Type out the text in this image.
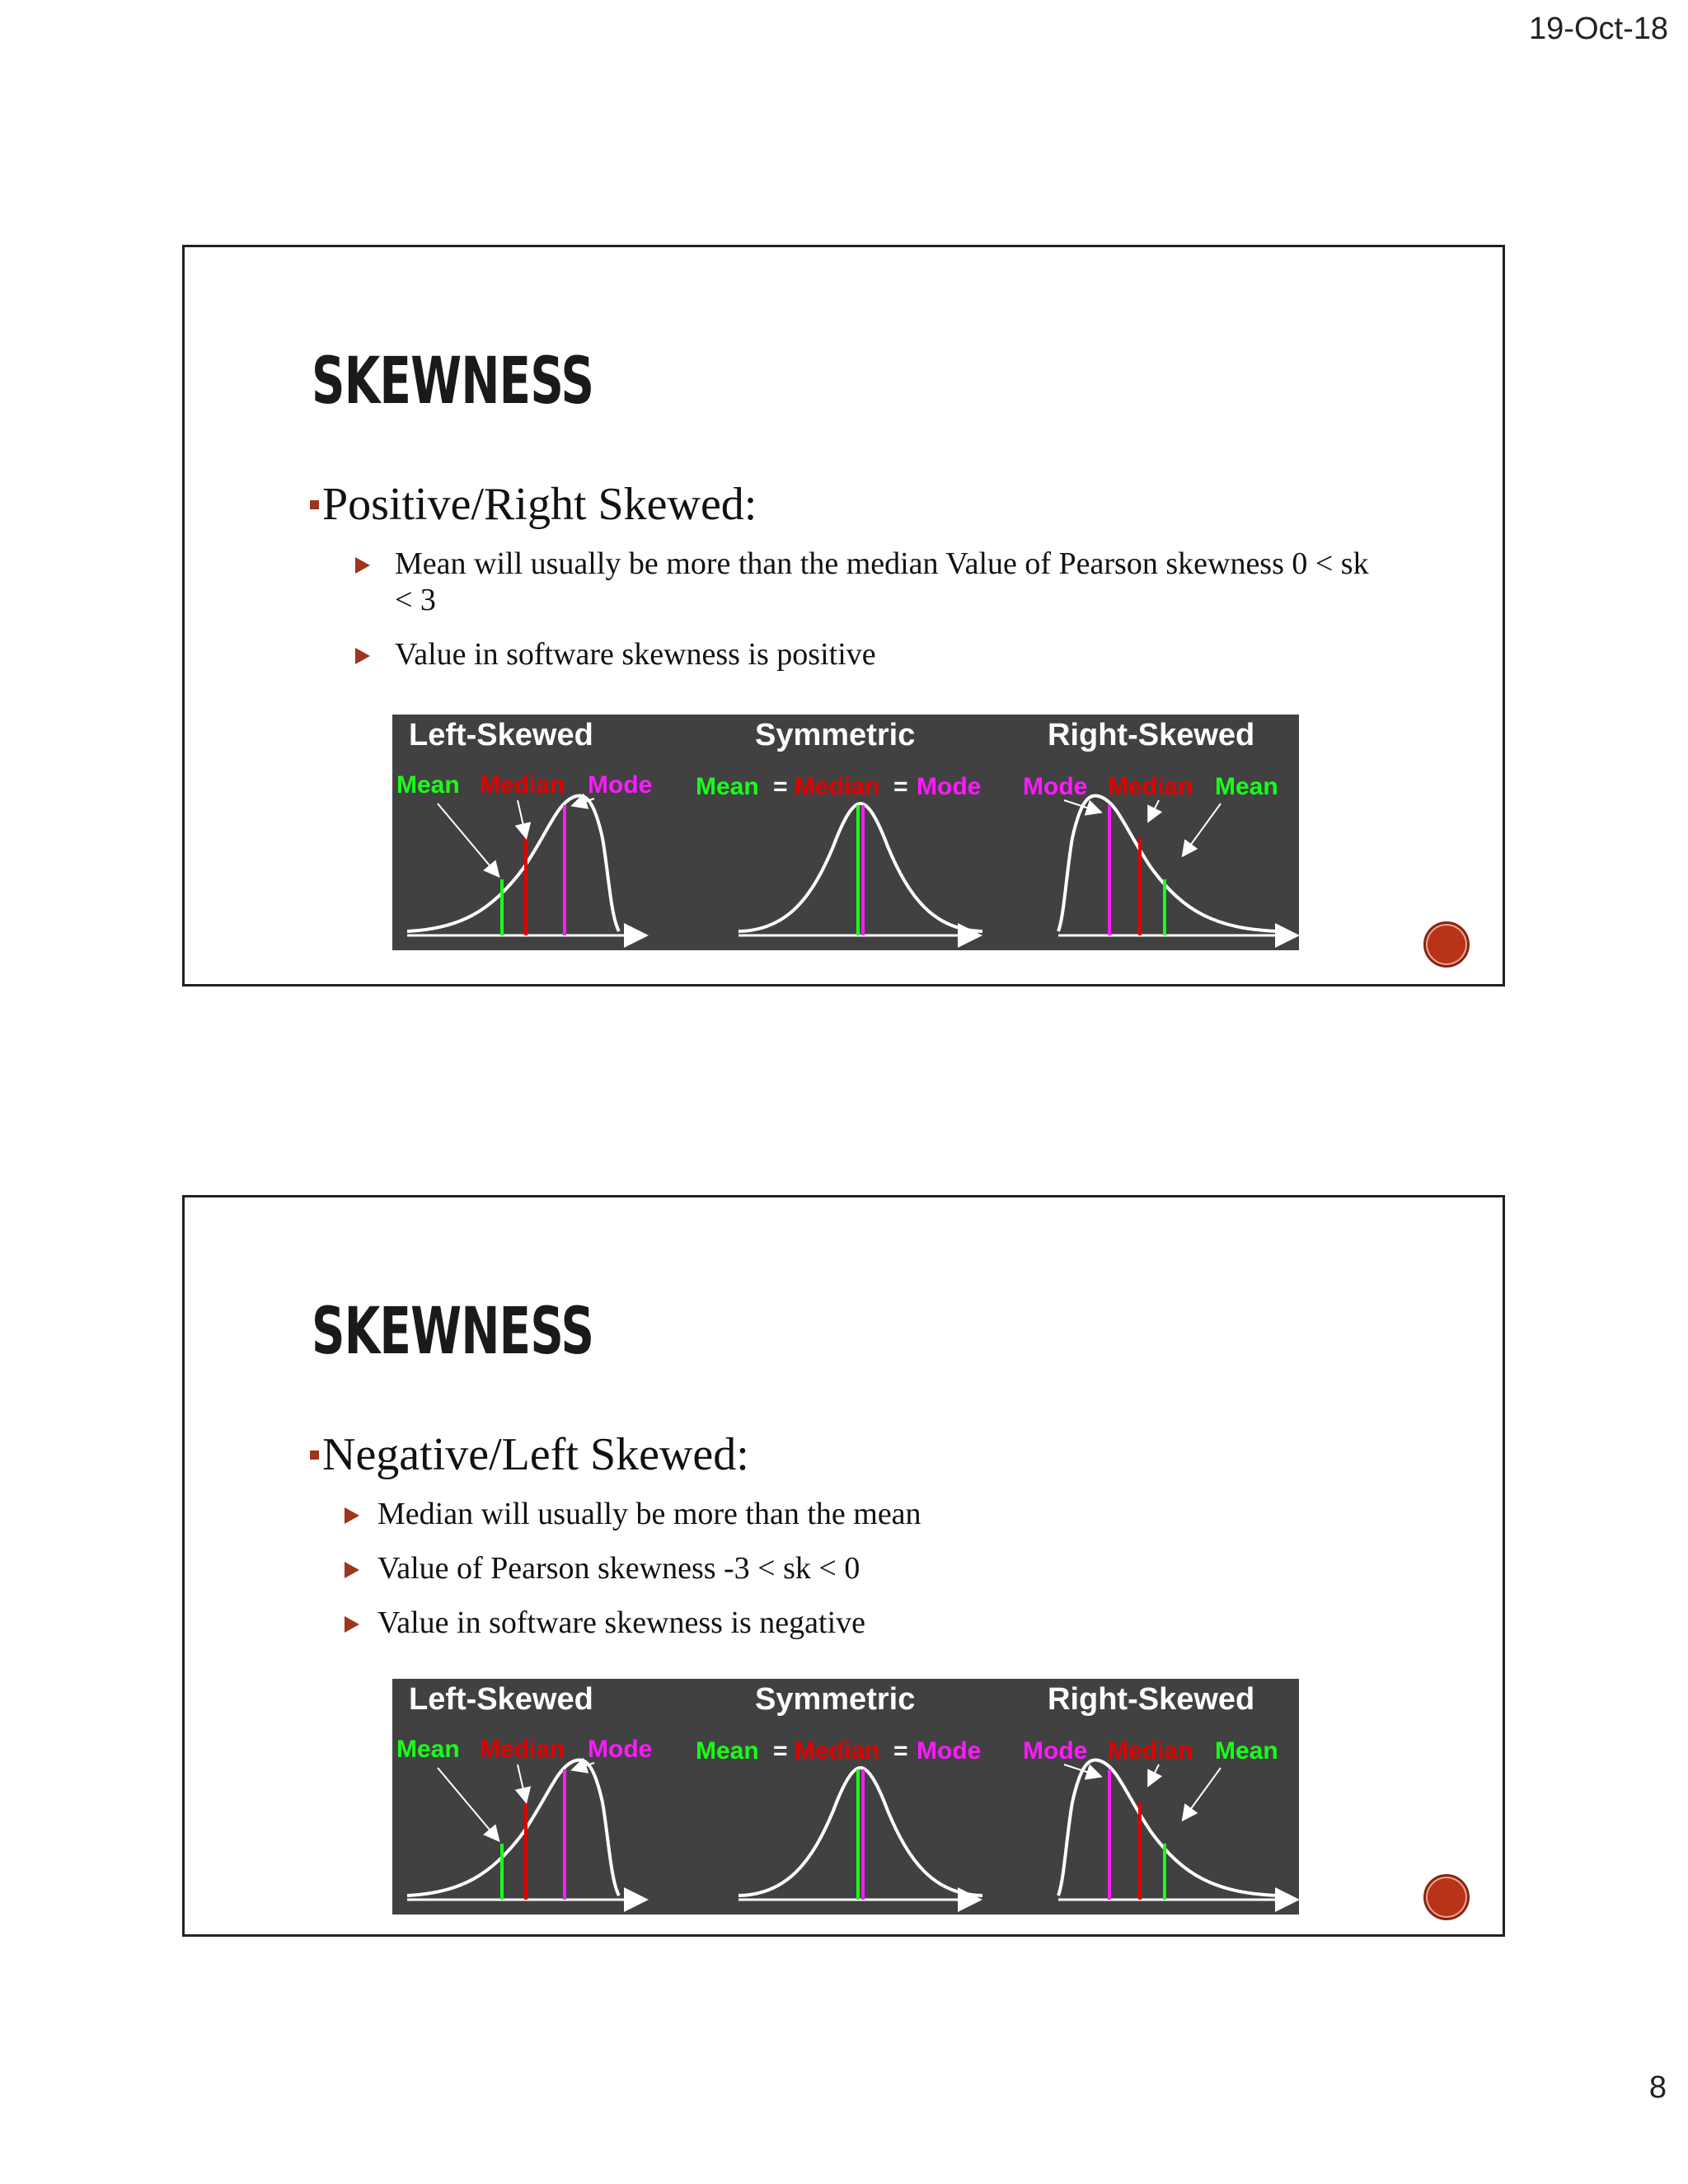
19-Oct-18
SKEWNESS
Positive/Right Skewed:
Mean will usually be more than the median Value of Pearson skewness 0 < sk < 3
Value in software skewness is positive
Left-Skewed	Symmetric	Right-Skewed
Mean Median Mode Mean = Median = Mode Mode Median Mean
SKEWNESS
Negative/Left Skewed:
Median will usually be more than the mean
Value of Pearson skewness -3 < sk < 0
Value in software skewness is negative
Left-Skewed	Symmetric	Right-Skewed
Mean Median Mode Mean = Median = Mode Mode Median Mean
8
